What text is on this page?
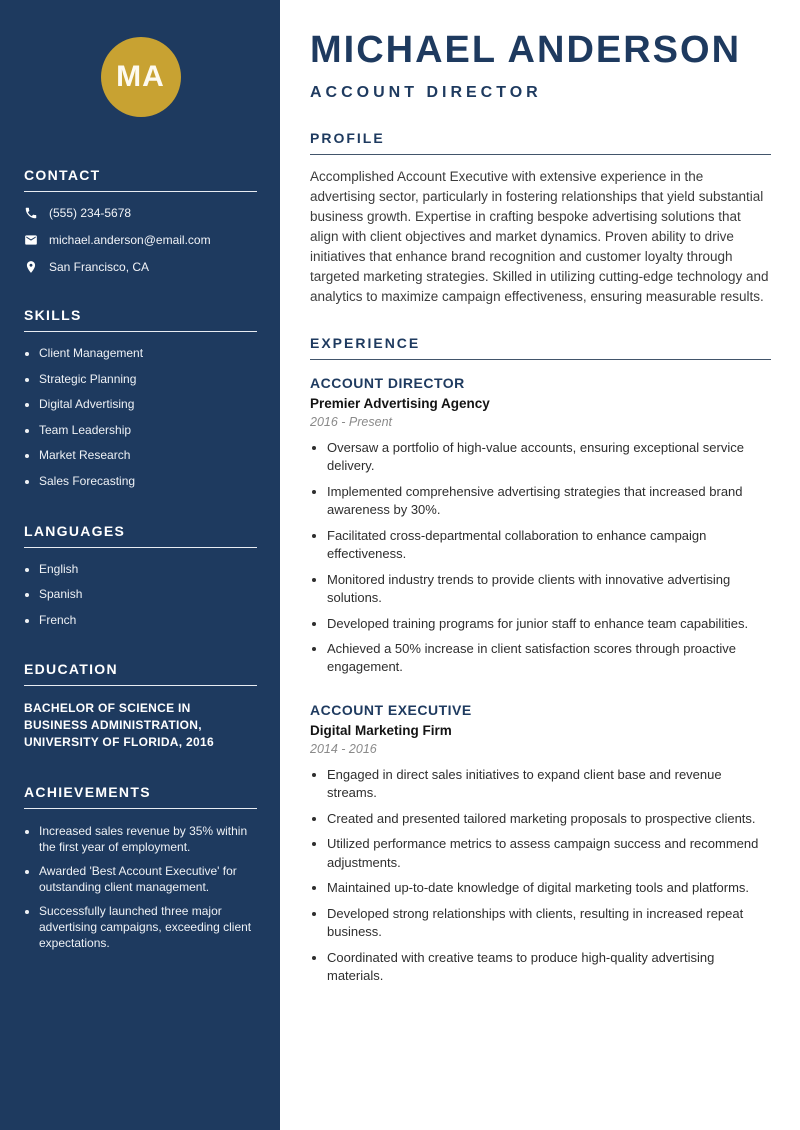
MA
CONTACT
(555) 234-5678
michael.anderson@email.com
San Francisco, CA
SKILLS
• Client Management
• Strategic Planning
• Digital Advertising
• Team Leadership
• Market Research
• Sales Forecasting
LANGUAGES
• English
• Spanish
• French
EDUCATION
BACHELOR OF SCIENCE IN BUSINESS ADMINISTRATION, UNIVERSITY OF FLORIDA, 2016
ACHIEVEMENTS
• Increased sales revenue by 35% within the first year of employment.
• Awarded 'Best Account Executive' for outstanding client management.
• Successfully launched three major advertising campaigns, exceeding client expectations.
MICHAEL ANDERSON
ACCOUNT DIRECTOR
PROFILE

Accomplished Account Executive with extensive experience in the advertising sector, particularly in fostering relationships that yield substantial business growth. Expertise in crafting bespoke advertising solutions that align with client objectives and market dynamics. Proven ability to drive initiatives that enhance brand recognition and customer loyalty through targeted marketing strategies. Skilled in utilizing cutting-edge technology and analytics to maximize campaign effectiveness, ensuring measurable results.

EXPERIENCE
ACCOUNT DIRECTOR
Premier Advertising Agency
2016 - Present
• Oversaw a portfolio of high-value accounts, ensuring exceptional service delivery.
• Implemented comprehensive advertising strategies that increased brand awareness by 30%.
• Facilitated cross-departmental collaboration to enhance campaign effectiveness.
• Monitored industry trends to provide clients with innovative advertising solutions.
• Developed training programs for junior staff to enhance team capabilities.
• Achieved a 50% increase in client satisfaction scores through proactive engagement.
ACCOUNT EXECUTIVE
Digital Marketing Firm
2014 - 2016
• Engaged in direct sales initiatives to expand client base and revenue streams.
• Created and presented tailored marketing proposals to prospective clients.
• Utilized performance metrics to assess campaign success and recommend adjustments.
• Maintained up-to-date knowledge of digital marketing tools and platforms.
• Developed strong relationships with clients, resulting in increased repeat business.
• Coordinated with creative teams to produce high-quality advertising materials.
